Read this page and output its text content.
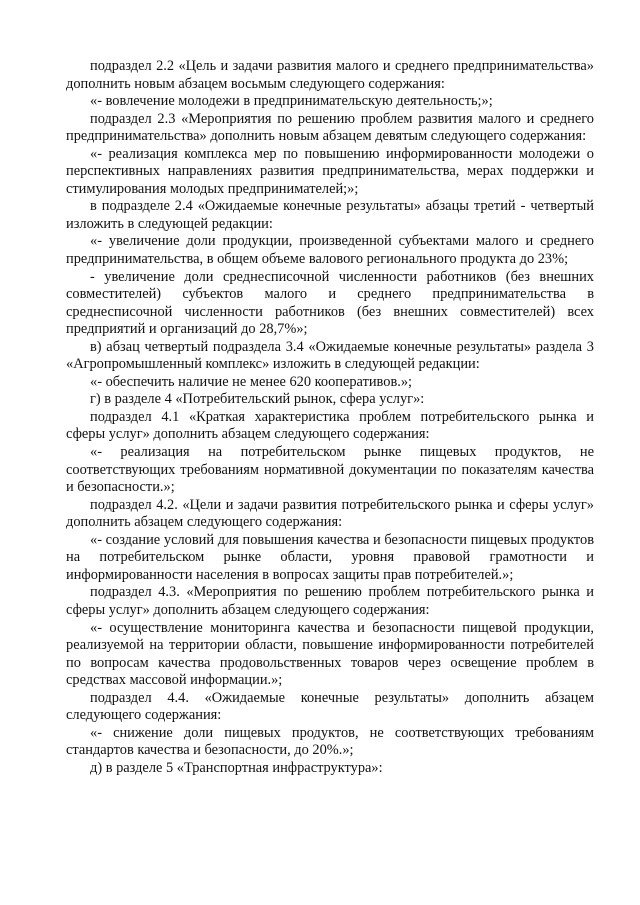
подраздел 2.2 «Цель и задачи развития малого и среднего предпринимательства» дополнить новым абзацем восьмым следующего содержания:

«- вовлечение молодежи в предпринимательскую деятельность;»;

подраздел 2.3 «Мероприятия по решению проблем развития малого и среднего предпринимательства» дополнить новым абзацем девятым следующего содержания:

«- реализация комплекса мер по повышению информированности молодежи о перспективных направлениях развития предпринимательства, мерах поддержки и стимулирования молодых предпринимателей;»;

в подразделе 2.4 «Ожидаемые конечные результаты» абзацы третий - четвертый изложить в следующей редакции:

«- увеличение доли продукции, произведенной субъектами малого и среднего предпринимательства, в общем объеме валового регионального продукта до 23%;

- увеличение доли среднесписочной численности работников (без внешних совместителей) субъектов малого и среднего предпринимательства в среднесписочной численности работников (без внешних совместителей) всех предприятий и организаций до 28,7%»;

в) абзац четвертый подраздела 3.4 «Ожидаемые конечные результаты» раздела 3 «Агропромышленный комплекс» изложить в следующей редакции:

«- обеспечить наличие не менее 620 кооперативов.»;

г) в разделе 4 «Потребительский рынок, сфера услуг»:

подраздел 4.1 «Краткая характеристика проблем потребительского рынка и сферы услуг» дополнить абзацем следующего содержания:

«- реализация на потребительском рынке пищевых продуктов, не соответствующих требованиям нормативной документации по показателям качества и безопасности.»;

подраздел 4.2. «Цели и задачи развития потребительского рынка и сферы услуг» дополнить абзацем следующего содержания:

«- создание условий для повышения качества и безопасности пищевых продуктов на потребительском рынке области, уровня правовой грамотности и информированности населения в вопросах защиты прав потребителей.»;

подраздел 4.3. «Мероприятия по решению проблем потребительского рынка и сферы услуг» дополнить абзацем следующего содержания:

«- осуществление мониторинга качества и безопасности пищевой продукции, реализуемой на территории области, повышение информированности потребителей по вопросам качества продовольственных товаров через освещение проблем в средствах массовой информации.»;

подраздел 4.4. «Ожидаемые конечные результаты» дополнить абзацем следующего содержания:

«- снижение доли пищевых продуктов, не соответствующих требованиям стандартов качества и безопасности, до 20%.»;

д) в разделе 5 «Транспортная инфраструктура»:
